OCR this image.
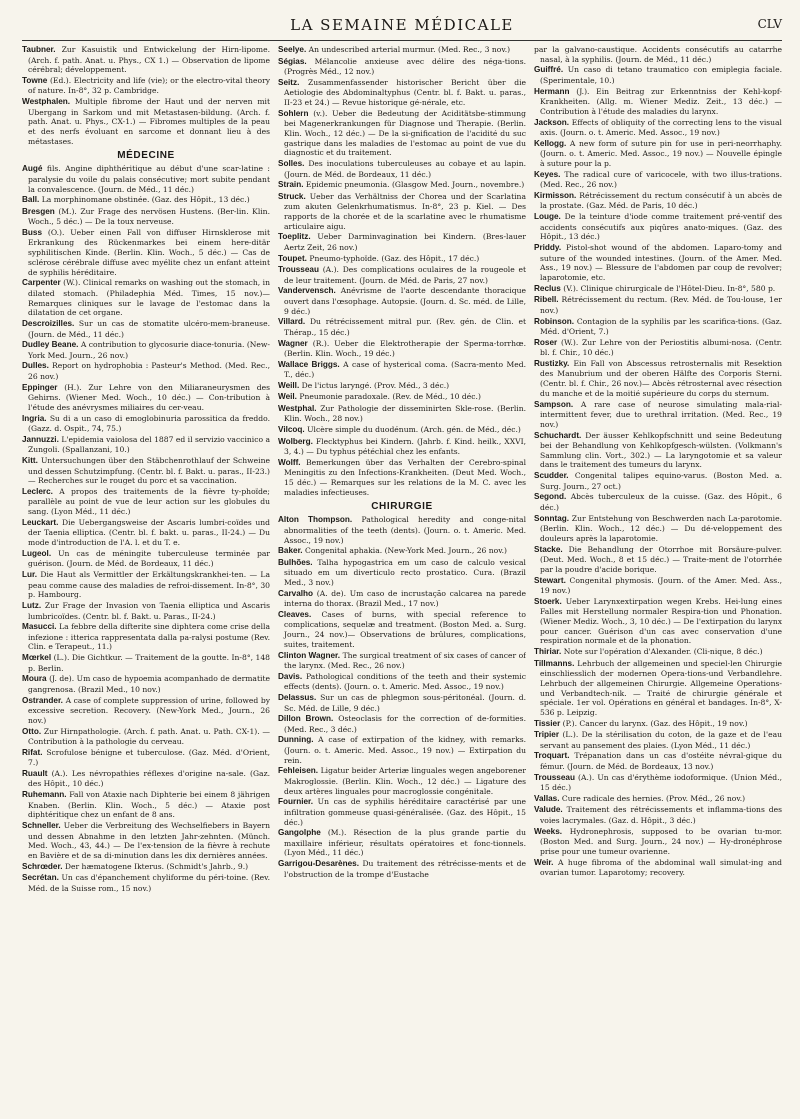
LA SEMAINE MÉDICALE	CLV
Taubner. Zur Kasuistik und Entwickelung der Hirn-lipome. (Arch. f. path. Anat. u. Phys., CX 1.) — Observation de lipome cérébral; développement.
Towne (Ed.). Electricity and life (vie); or the electro-vital theory of nature. In-8°, 32 p. Cambridge.
Westphalen. Multiple fibrome der Haut und der nerven mit Ubergang in Sarkom und mit Metastasen-bildung. (Arch. f. path. Anat. u. Phys., CX-1.) — Fibromes multiples de la peau et des nerfs évoluant en sarcome et donnant lieu à des métastases.
MÉDECINE
Augé fils. Angine diphthéritique au début d'une scar-latine : paralysie du voile du palais consécutive; mort subite pendant la convalescence. (Journ. de Méd., 11 déc.)
Ball. La morphinomane obstinée. (Gaz. des Hôpit., 13 déc.)
Bresgen (M.). Zur Frage des nervösen Hustens. (Ber-lin. Klin. Woch., 5 déc.) — De la toux nerveuse.
Buss (O.). Ueber einen Fall von diffuser Hirnsklerose mit Erkrankung des Rückenmarkes bei einem here-ditär syphilitischen Kinde. (Berlin. Klin. Woch., 5 déc.) — Cas de sclérose cérébrale diffuse avec myélite chez un enfant atteint de syphilis héréditaire.
Carpenter (W.). Clinical remarks on washing out the stomach, in dilated stomach. (Philadephia Méd. Times, 15 nov.)— Remarques cliniques sur le lavage de l'estomac dans la dilatation de cet organe.
Descroizilles. Sur un cas de stomatite ulcéro-mem-braneuse. (Journ. de Méd., 11 déc.)
Dudley Beane. A contribution to glycosurie diace-tonuria. (New-York Med. Journ., 26 nov.)
Dulles. Report on hydrophobia : Pasteur's Method. (Med. Rec., 26 nov.)
Eppinger (H.). Zur Lehre von den Miliaraneurysmen des Gehirns. (Wiener Med. Woch., 10 déc.) — Con-tribution à l'étude des anévrysmes miliaires du cer-veau.
Ingria. Su di a un caso di emoglobinuria parossitica da freddo. (Gazz. d. Ospit., 74, 75.)
Jannuzzi. L'epidemia vaiolosa del 1887 ed il servizio vaccinico a Zungoli. (Spallanzani, 10.)
Kitt. Untersuchungen über den Stäbchenrothlauf der Schweine und dessen Schutzimpfung. (Centr. bl. f. Bakt. u. paras., II-23.) — Recherches sur le rouget du porc et sa vaccination.
Leclerc. A propos des traitements de la fièvre ty-phoïde; parallèle au point de vue de leur action sur les globules du sang. (Lyon Méd., 11 déc.)
Leuckart. Die Uebergangsweise der Ascaris lumbri-coïdes und der Taenia elliptica. (Centr. bl. f. bakt. u. paras., II-24.) — Du mode d'introduction de l'A. l. et du T. e.
Lugeol. Un cas de méningite tuberculeuse terminée par guérison. (Journ. de Méd. de Bordeaux, 11 déc.)
Lur. Die Haut als Vermittler der Erkältungskrankhei-ten. — La peau comme cause des maladies de refroi-dissement. In-8°, 30 p. Hambourg.
Lutz. Zur Frage der Invasion von Taenia elliptica und Ascaris lumbricoïdes. (Centr. bl. f. Bakt. u. Paras., II-24.)
Masucci. La febbre della difterite sine diphtera come crise della infezione : itterica rappresentata dalla pa-ralysi postume (Rev. Clin. e Terapeut., 11.)
Mœrkel (L.). Die Gichtkur. — Traitement de la goutte. In-8°, 148 p. Berlin.
Moura (J. de). Um caso de hypoemia acompanhado de dermatite gangrenosa. (Brazil Med., 10 nov.)
Ostrander. A case of complete suppression of urine, followed by excessive secretion. Recovery. (New-York Med., Journ., 26 nov.)
Otto. Zur Hirnpathologie. (Arch. f. path. Anat. u. Path. CX-1). — Contribution à la pathologie du cerveau.
Rifat. Scrofulose bénigne et tuberculose. (Gaz. Méd. d'Orient, 7.)
Ruault (A.). Les névropathies réflexes d'origine na-sale. (Gaz. des Hôpit., 10 déc.)
Ruhemann. Fall von Ataxie nach Diphterie bei einem 8 jährigen Knaben. (Berlin. Klin. Woch., 5 déc.) — Ataxie post diphtéritique chez un enfant de 8 ans.
Schneller. Ueber die Verbreitung des Wechselfiebers in Bayern und dessen Abnahme in den letzten Jahr-zehnten. (Münch. Med. Woch., 43, 44.) — De l'ex-tension de la fièvre à rechute en Bavière et de sa di-minution dans les dix dernières années.
Schrœder. Der hæmatogene Ikterus. (Schmidt's Jahrb., 9.)
Secrétan. Un cas d'épanchement chyliforme du péri-toine. (Rev. Méd. de la Suisse rom., 15 nov.)
Seelye. An undescribed arterial murmur. (Med. Rec., 3 nov.)
Ségias. Mélancolie anxieuse avec délire des néga-tions. (Progrès Méd., 12 nov.)
Seitz. Zusammenfassender historischer Bericht über die Aetiologie des Abdominaltyphus (Centr. bl. f. Bakt. u. paras., II-23 et 24.) — Revue historique gé-nérale, etc.
Sohlern (v.). Ueber die Bedeutung der Aciditätsbe-stimmung bei Magenerkrankungen für Diagnose und Therapie. (Berlin. Klin. Woch., 12 déc.) — De la si-gnification de l'acidité du suc gastrique dans les maladies de l'estomac au point de vue du diagnostic et du traitement.
Solles. Des inoculations tuberculeuses au cobaye et au lapin. (Journ. de Méd. de Bordeaux, 11 déc.)
Strain. Epidemic pneumonia. (Glasgow Med. Journ., novembre.)
Struck. Ueber das Verhältniss der Chorea und der Scarlatina zum akuten Gelenkrhumatismus. In-8°, 23 p. Kiel. — Des rapports de la chorée et de la scarlatine avec le rhumatisme articulaire aigu.
Toeplitz. Ueber Darminvagination bei Kindern. (Bres-lauer Aertz Zeit, 26 nov.)
Toupet. Pneumo-typhoïde. (Gaz. des Hôpit., 17 déc.)
Trousseau (A.). Des complications oculaires de la rougeole et de leur traitement. (Journ. de Méd. de Paris, 27 nov.)
Vandervensch. Anévrisme de l'aorte descendante thoracique ouvert dans l'œsophage. Autopsie. (Journ. d. Sc. méd. de Lille, 9 déc.)
Villard. Du rétrécissement mitral pur. (Rev. gén. de Clin. et Thérap., 15 déc.)
Wagner (R.). Ueber die Elektrotherapie der Sperma-torrhœ. (Berlin. Klin. Woch., 19 déc.)
Wallace Briggs. A case of hysterical coma. (Sacra-mento Med. T., déc.)
Weill. De l'ictus laryngé. (Prov. Méd., 3 déc.)
Weil. Pneumonie paradoxale. (Rev. de Méd., 10 déc.)
Westphal. Zur Pathologie der disseminirten Skle-rose. (Berlin. Klin. Woch., 28 nov.)
Vilcoq. Ulcère simple du duodénum. (Arch. gén. de Méd., déc.)
Wolberg. Flecktyphus bei Kindern. (Jahrb. f. Kind. heilk., XXVI, 3, 4.) — Du typhus pétéchial chez les enfants.
Wolff. Bemerkungen über das Verhalten der Cerebro-spinal Meningitis zu den Infections-Krankheiten. (Deut Med. Woch., 15 déc.) — Remarques sur les relations de la M. C. avec les maladies infectieuses.
CHIRURGIE
Alton Thompson. Pathological heredity and conge-nital abnormalities of the teeth (dents). (Journ. o. t. Americ. Med. Assoc., 19 nov.)
Baker. Congenital aphakia. (New-York Med. Journ., 26 nov.)
Bulhões. Talha hypogastrica em um caso de calculo vesical situado em um diverticulo recto prostatico. Cura. (Brazil Med., 3 nov.)
Carvalho (A. de). Um caso de incrustação calcarea na parede interna do thorax. (Brazil Med., 17 nov.)
Cleaves. Cases of burns, with special reference to complications, sequelæ and treatment. (Boston Med. a. Surg. Journ., 24 nov.)— Observations de brûlures, complications, suites, traitement.
Clinton Wagner. The surgical treatment of six cases of cancer of the larynx. (Med. Rec., 26 nov.)
Davis. Pathological conditions of the teeth and their systemic effects (dents). (Journ. o. t. Americ. Med. Assoc., 19 nov.)
Delassus. Sur un cas de phlegmon sous-péritonéal. (Journ. d. Sc. Méd. de Lille, 9 déc.)
Dillon Brown. Osteoclasis for the correction of de-formities. (Med. Rec., 3 déc.)
Dunning. A case of extirpation of the kidney, with remarks. (Journ. o. t. Americ. Med. Assoc., 19 nov.) — Extirpation du rein.
Fehleisen. Ligatur beider Arteriæ linguales wegen angeborener Makroglossie. (Berlin. Klin. Woch., 12 déc.) — Ligature des deux artères linguales pour macroglossie congénitale.
Fournier. Un cas de syphilis héréditaire caractérisé par une infiltration gommeuse quasi-généralisée. (Gaz. des Hôpit., 15 déc.)
Gangolphe (M.). Résection de la plus grande partie du maxillaire inférieur, résultats opératoires et fonc-tionnels. (Lyon Méd., 11 déc.)
Garrigou-Desarènes. Du traitement des rétrécisse-ments et de l'obstruction de la trompe d'Eustache
par la galvano-caustique. Accidents consécutifs au catarrhe nasal, à la syphilis. (Journ. de Méd., 11 déc.)
Guiffré. Un caso di tetano traumatico con emiplegia faciale. (Sperimentale, 10.)
Hermann (J.). Ein Beitrag zur Erkenntniss der Kehl-kopf-Krankheiten. (Allg. m. Wiener Mediz. Zeit., 13 déc.) — Contribution à l'étude des maladies du larynx.
Jackson. Effects of obliquity of the correcting lens to the visual axis. (Journ. o. t. Americ. Med. Assoc., 19 nov.)
Kellogg. A new form of suture pin for use in peri-neorrhaphy. (Journ. o. t. Americ. Med. Assoc., 19 nov.) — Nouvelle épingle à suture pour la p.
Keyes. The radical cure of varicocele, with two illus-trations. (Med. Rec., 26 nov.)
Kirmisson. Rétrécissement du rectum consécutif à un abcès de la prostate. (Gaz. Méd. de Paris, 10 déc.)
Louge. De la teinture d'iode comme traitement pré-ventif des accidents consécutifs aux piqûres anato-miques. (Gaz. des Hôpit., 13 déc.)
Priddy. Pistol-shot wound of the abdomen. Laparo-tomy and suture of the wounded intestines. (Journ. of the Amer. Med. Ass., 19 nov.) — Blessure de l'abdomen par coup de revolver; laparotomie, etc.
Reclus (V.). Clinique chirurgicale de l'Hôtel-Dieu. In-8°, 580 p.
Ribell. Rétrécissement du rectum. (Rev. Méd. de Tou-louse, 1er nov.)
Robinson. Contagion de la syphilis par les scarifica-tions. (Gaz. Méd. d'Orient, 7.)
Roser (W.). Zur Lehre von der Periostitis albumi-nosa. (Centr. bl. f. Chir., 10 déc.)
Rustizky. Ein Fall von Abscessus retrosternalis mit Resektion des Manubrium und der oberen Hälfte des Corporis Sterni. (Centr. bl. f. Chir., 26 nov.)— Abcès rétrosternal avec résection du manche et de la moitié supérieure du corps du sternum.
Sampson. A rare case of neurose simulating mala-rial-intermittent fever, due to urethral irritation. (Med. Rec., 19 nov.)
Schuchardt. Der äusser Kehlkopfschnitt und seine Bedeutung bei der Behandlung von Kehlkopfgesch-wülsten. (Volkmann's Sammlung clin. Vort., 302.) — La laryngotomie et sa valeur dans le traitement des tumeurs du larynx.
Scudder. Congenital talipes equino-varus. (Boston Med. a. Surg. Journ., 27 oct.)
Segond. Abcès tuberculeux de la cuisse. (Gaz. des Hôpit., 6 déc.)
Sonntag. Zur Entstehung von Beschwerden nach La-parotomie. (Berlin. Klin. Woch., 12 déc.) — Du dé-veloppement des douleurs après la laparotomie.
Stacke. Die Behandlung der Otorrhoe mit Borsäure-pulver. (Deut. Med. Woch., 8 et 15 déc.) — Traite-ment de l'otorrhée par la poudre d'acide borique.
Stewart. Congenital phymosis. (Journ. of the Amer. Med. Ass., 19 nov.)
Stoerk. Ueber Larynxextirpation wegen Krebs. Hei-lung eines Falles mit Herstellung normaler Respira-tion und Phonation. (Wiener Mediz. Woch., 3, 10 déc.) — De l'extirpation du larynx pour cancer. Guérison d'un cas avec conservation d'une respiration normale et de la phonation.
Thiriar. Note sur l'opération d'Alexander. (Cli-nique, 8 déc.)
Tillmanns. Lehrbuch der allgemeinen und speciel-len Chirurgie einschliesslich der modernen Opera-tions-und Verbandlehre. Lehrbuch der allgemeinen Chirurgie. Allgemeine Operations-und Verbandtech-nik. — Traité de chirurgie générale et spéciale. 1er vol. Opérations en général et bandages. In-8°, X-536 p. Leipzig.
Tissier (P.). Cancer du larynx. (Gaz. des Hôpit., 19 nov.)
Tripier (L.). De la stérilisation du coton, de la gaze et de l'eau servant au pansement des plaies. (Lyon Méd., 11 déc.)
Troquart. Trépanation dans un cas d'ostéite névral-gique du fémur. (Journ. de Méd. de Bordeaux, 13 nov.)
Trousseau (A.). Un cas d'érythème iodoformique. (Union Méd., 15 déc.)
Vallas. Cure radicale des hernies. (Prov. Méd., 26 nov.)
Valude. Traitement des rétrécissements et inflamma-tions des voies lacrymales. (Gaz. d. Hôpit., 3 déc.)
Weeks. Hydronephrosis, supposed to be ovarian tu-mor. (Boston Med. and Surg. Journ., 24 nov.) — Hy-dronéphrose prise pour une tumeur ovarienne.
Weir. A huge fibroma of the abdominal wall simulat-ing and ovarian tumor. Laparotomy; recovery.
